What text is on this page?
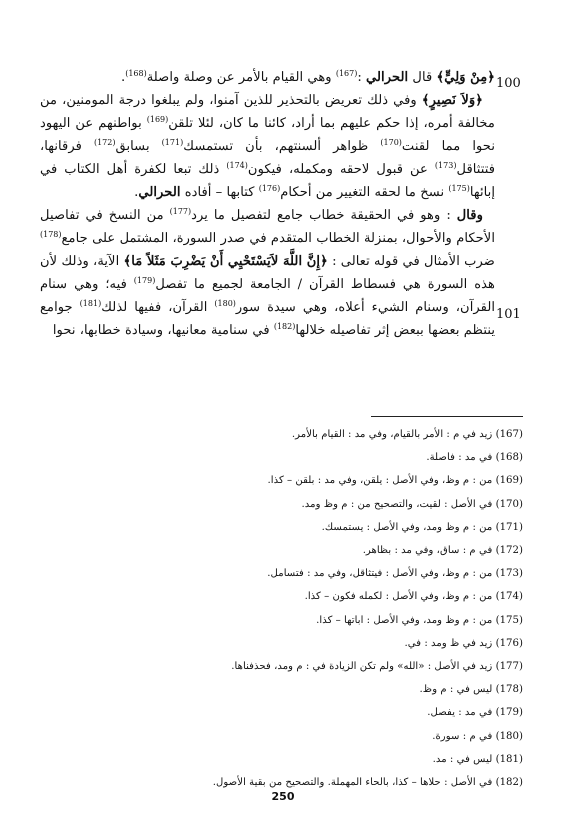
100
101

﴿مِنْ وَلِيٍّ﴾ قال الحرالي :$^{(167)}$ وهي القيام بالأمر عن وصلة واصلة$^{(168)}$.

﴿وَلاَ نَصِيرٍ﴾ وفي ذلك تعريض بالتحذير للذين آمنوا، ولم يبلغوا درجة المومنين، من مخالفة أمره، إذا حكم عليهم بما أراد، كائنا ما كان، لئلا تلقن$^{(169)}$ بواطنهم عن اليهود نحوا مما لقنت$^{(170)}$ ظواهر ألسنتهم، بأن تستمسك$^{(171)}$ بسابق$^{(172)}$ فرقانها، فتتثاقل$^{(173)}$ عن قبول لاحقه ومكمله، فيكون$^{(174)}$ ذلك تبعا لكفرة أهل الكتاب في إبائها$^{(175)}$ نسخ ما لحقه التغيير من أحكام$^{(176)}$ كتابها – أفاده الحرالي.

وقال : وهو في الحقيقة خطاب جامع لتفصيل ما يرد$^{(177)}$ من النسخ في تفاصيل الأحكام والأحوال، بمنزلة الخطاب المتقدم في صدر السورة، المشتمل على جامع$^{(178)}$ ضرب الأمثال في قوله تعالى : ﴿إِنَّ اللَّهَ لاَيَسْتَحْيِي أَنْ يَضْرِبَ مَثَلاً مَا﴾ الآية، وذلك لأن هذه السورة هي فسطاط القرآن / الجامعة لجميع ما تفصل$^{(179)}$ فيه؛ وهي سنام القرآن، وسنام الشيء أعلاه، وهي سيدة سور$^{(180)}$ القرآن، ففيها لذلك$^{(181)}$ جوامع ينتظم بعضها ببعض إثر تفاصيله خلالها$^{(182)}$ في سنامية معانيها، وسيادة خطابها، نحوا

(167) زيد في م : الأمر بالقيام، وفي مد : القيام بالأمر.
(168) في مد : فاصلة.
(169) من : م وظ، وفي الأصل : يلقن، وفي مد : بلقن – كذا.
(170) في الأصل : لقيت، والتصحيح من : م وظ ومد.
(171) من : م وظ ومد، وفي الأصل : يستمسك.
(172) في م : ساق، وفي مد : بظاهر.
(173) من : م وظ، وفي الأصل : فيتثاقل، وفي مد : فتسامل.
(174) من : م وظ، وفي الأصل : لكمله فكون – كذا.
(175) من : م وظ ومد، وفي الأصل : اباتها – كذا.
(176) زيد في ظ ومد : في.
(177) زيد في الأصل : «الله» ولم تكن الزيادة في : م ومد، فحذفناها.
(178) ليس في : م وظ.
(179) في مد : يفصل.
(180) في م : سورة.
(181) ليس في : مد.
(182) في الأصل : حلاها – كذا، بالحاء المهملة. والتصحيح من بقية الأصول.
250
